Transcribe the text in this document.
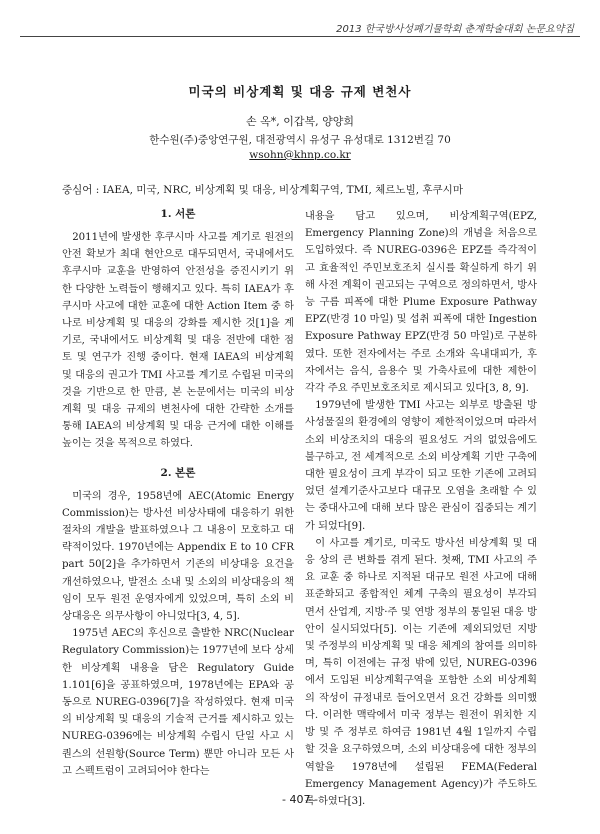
2013 한국방사성폐기물학회 춘계학술대회 논문요약집
미국의 비상계획 및 대응 규제 변천사
손 옥*, 이갑복, 양양희
한수원(주)중앙연구원, 대전광역시 유성구 유성대로 1312번길 70
wsohn@khnp.co.kr
중심어 : IAEA, 미국, NRC, 비상계획 및 대응, 비상계획구역, TMI, 체르노빌, 후쿠시마
1. 서론

2011년에 발생한 후쿠시마 사고를 계기로 원전의 안전 확보가 최대 현안으로 대두되면서, 국내에서도 후쿠시마 교훈을 반영하여 안전성을 증진시키기 위한 다양한 노력들이 행해지고 있다. 특히 IAEA가 후쿠시마 사고에 대한 교훈에 대한 Action Item 중 하나로 비상계획 및 대응의 강화를 제시한 것[1]을 계기로, 국내에서도 비상계획 및 대응 전반에 대한 점토 및 연구가 진행 중이다. 현재 IAEA의 비상계획 및 대응의 권고가 TMI 사고를 계기로 수립된 미국의 것을 기반으로 한 만큼, 본 논문에서는 미국의 비상계획 및 대응 규제의 변천사에 대한 간략한 소개를 통해 IAEA의 비상계획 및 대응 근거에 대한 이해를 높이는 것을 목적으로 하였다.

2. 본론

미국의 경우, 1958년에 AEC(Atomic Energy Commission)는 방사선 비상사태에 대응하기 위한 절차의 개발을 발표하였으나 그 내용이 모호하고 대략적이었다. 1970년에는 Appendix E to 10 CFR part 50[2]을 추가하면서 기존의 비상대응 요건을 개선하였으나, 발전소 소내 및 소외의 비상대응의 책임이 모두 원전 운영자에게 있었으며, 특히 소외 비상대응은 의무사항이 아니었다[3, 4, 5].

1975년 AEC의 후신으로 출발한 NRC(Nuclear Regulatory Commission)는 1977년에 보다 상세한 비상계획 내용을 담은 Regulatory Guide 1.101[6]을 공표하였으며, 1978년에는 EPA와 공동으로 NUREG-0396[7]을 작성하였다. 현재 미국의 비상계획 및 대응의 기술적 근거를 제시하고 있는 NUREG-0396에는 비상계획 수립시 단일 사고 시퀀스의 선원항(Source Term) 뿐만 아니라 모든 사고 스펙트럼이 고려되어야 한다는

내용을 담고 있으며, 비상계획구역(EPZ, Emergency Planning Zone)의 개념을 처음으로 도입하였다. 즉 NUREG-0396은 EPZ를 즉각적이고 효율적인 주민보호조치 실시를 확실하게 하기 위해 사전 계획이 권고되는 구역으로 정의하면서, 방사능 구름 피폭에 대한 Plume Exposure Pathway EPZ(반경 10 마일) 및 섭취 피폭에 대한 Ingestion Exposure Pathway EPZ(반경 50 마일)로 구분하였다. 또한 전자에서는 주로 소개와 옥내대피가, 후자에서는 음식, 음용수 및 가축사료에 대한 제한이 각각 주요 주민보호조치로 제시되고 있다[3, 8, 9].

1979년에 발생한 TMI 사고는 외부로 방출된 방사성물질의 환경에의 영향이 제한적이었으며 따라서 소외 비상조치의 대응의 필요성도 거의 없었음에도 불구하고, 전 세계적으로 소외 비상계획 기반 구축에 대한 필요성이 크게 부각이 되고 또한 기존에 고려되었던 설계기준사고보다 대규모 오염을 초래할 수 있는 중대사고에 대해 보다 많은 관심이 집중되는 계기가 되었다[9].

이 사고를 계기로, 미국도 방사선 비상계획 및 대응 상의 큰 변화를 겪게 된다. 첫째, TMI 사고의 주요 교훈 중 하나로 지적된 대규모 원전 사고에 대해 표준화되고 종합적인 체계 구축의 필요성이 부각되면서 산업계, 지방·주 및 연방 정부의 통일된 대응 방안이 실시되었다[5]. 이는 기존에 제외되었던 지방 및 주정부의 비상계획 및 대응 체계의 참여를 의미하며, 특히 이전에는 규정 밖에 있던, NUREG-0396에서 도입된 비상계획구역을 포함한 소외 비상계획의 작성이 규정내로 들어오면서 요건 강화를 의미했다. 이러한 맥락에서 미국 정부는 원전이 위치한 지방 및 주 정부로 하여금 1981년 4월 1일까지 수립할 것을 요구하였으며, 소외 비상대응에 대한 정부의 역할을 1978년에 설립된 FEMA(Federal Emergency Management Agency)가 주도하도록 하였다[3].

- 407 -
